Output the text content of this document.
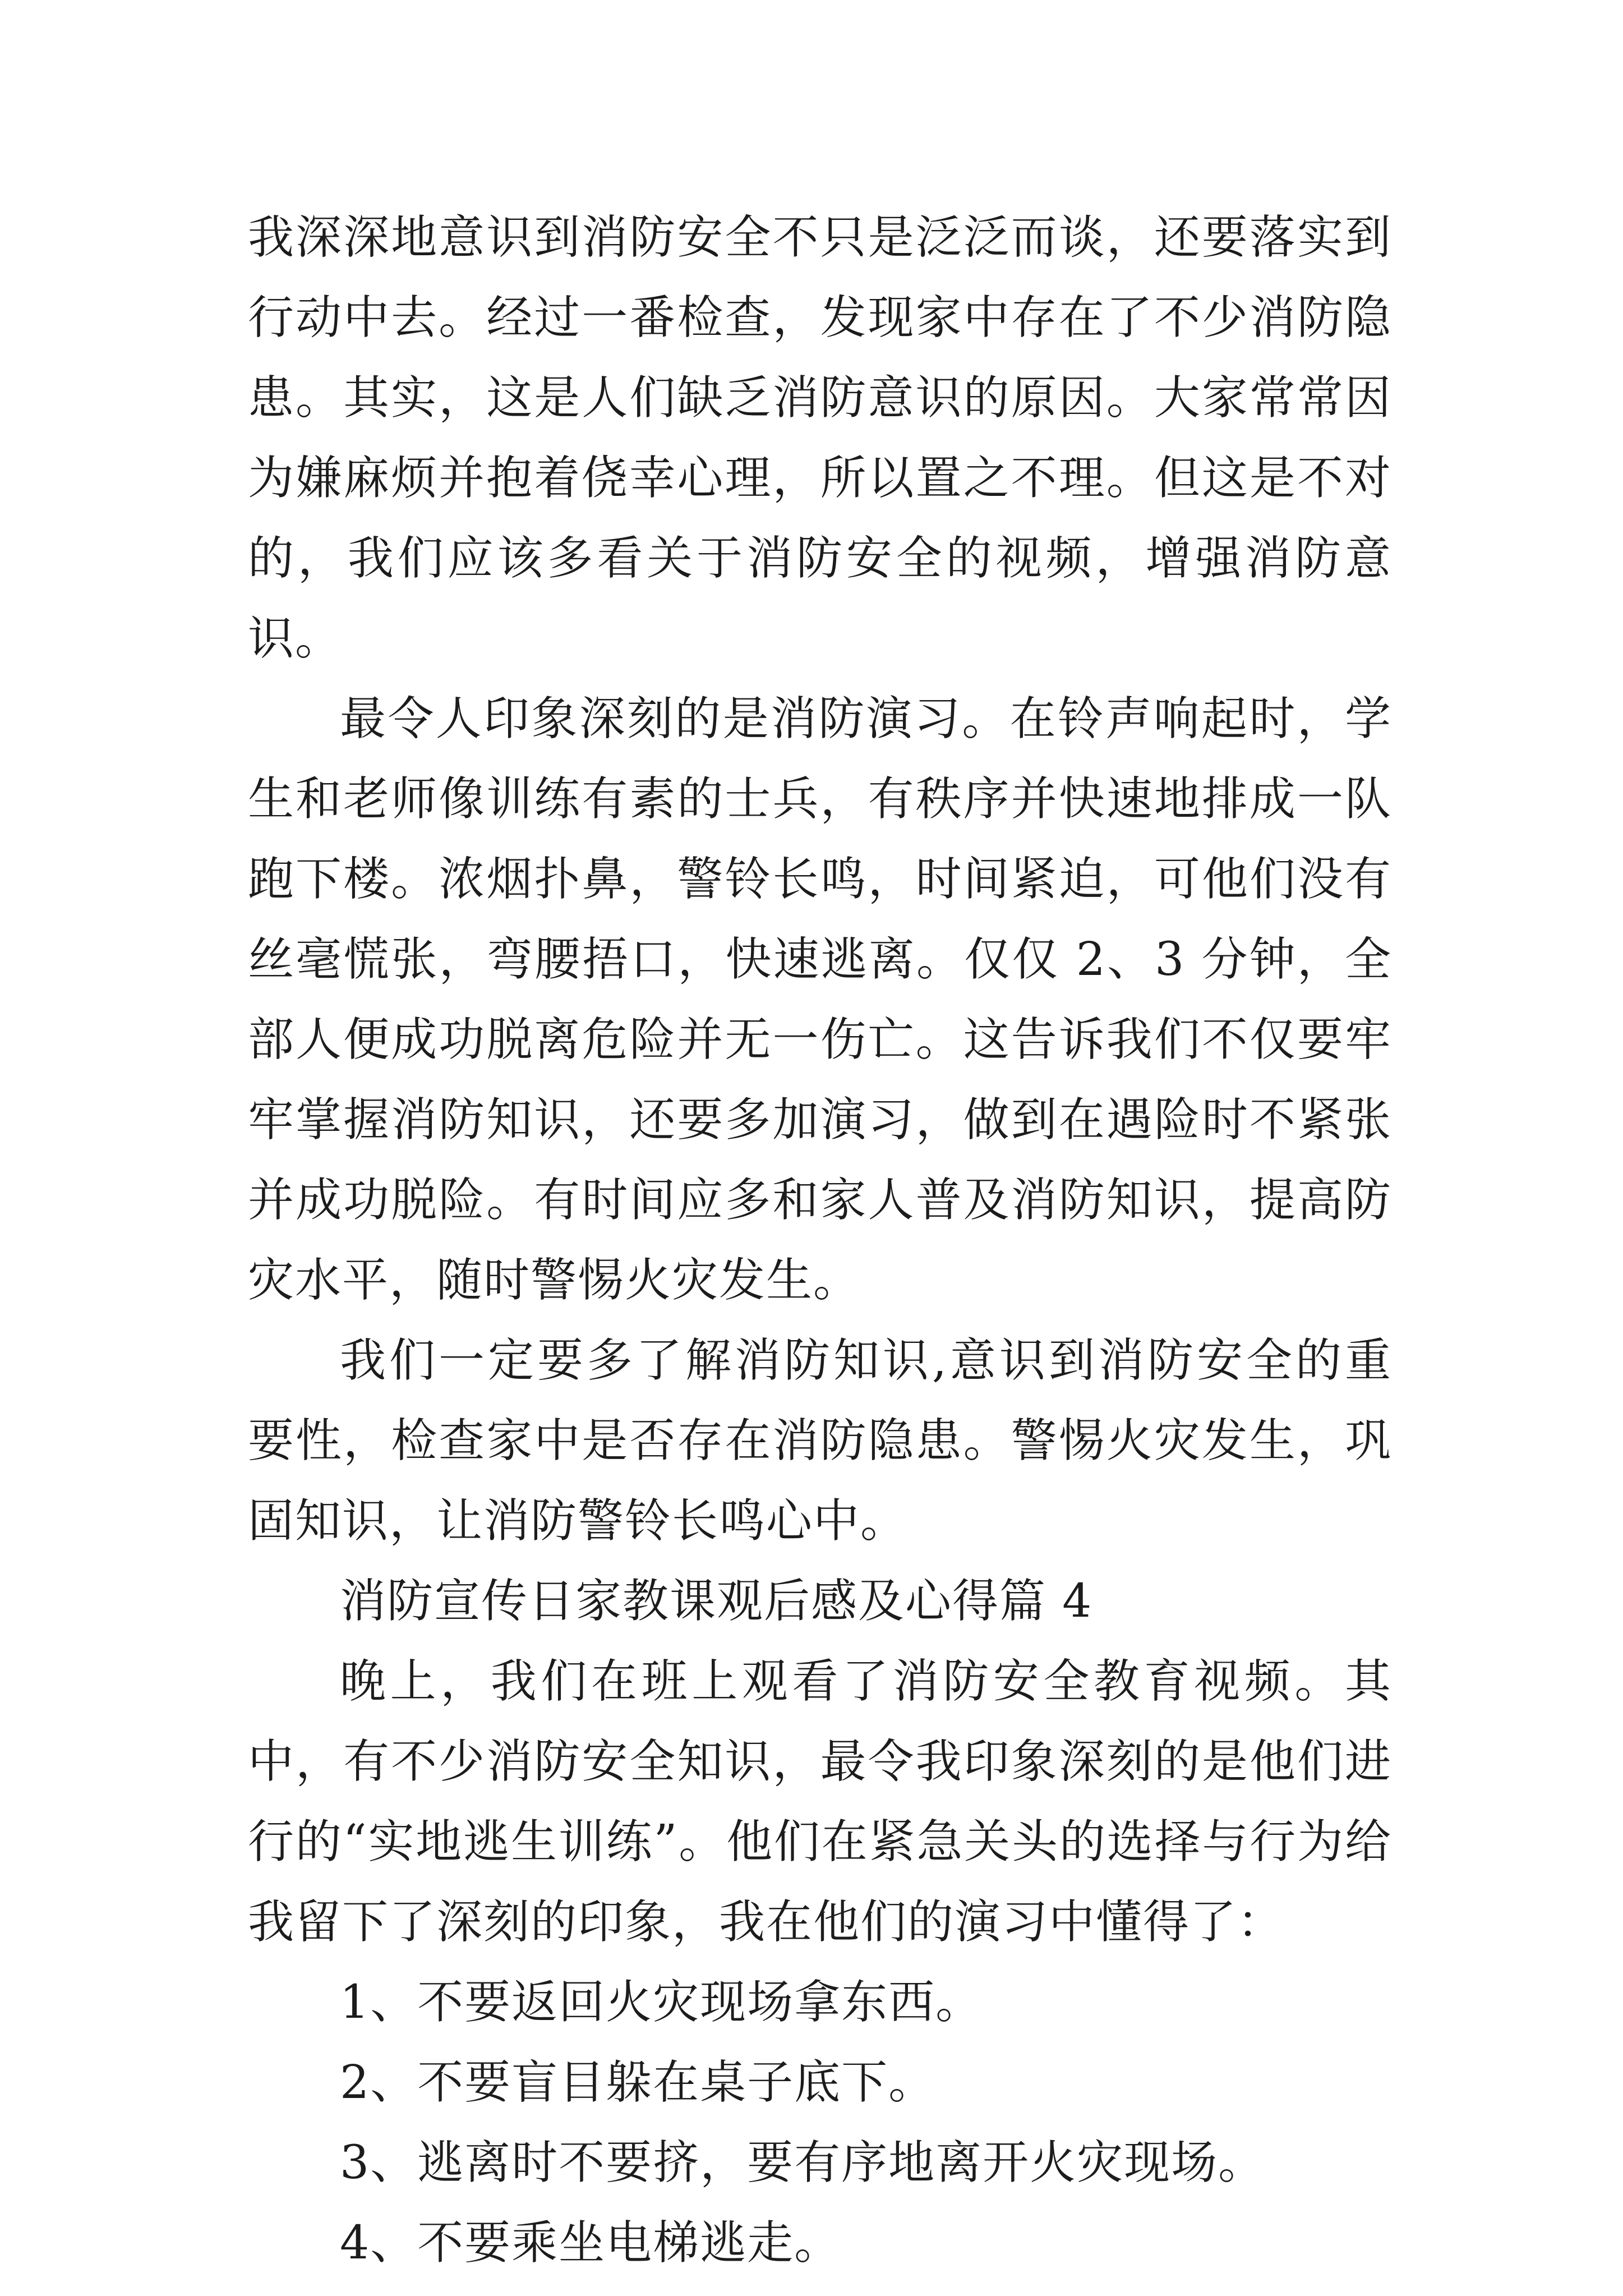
我深深地意识到消防安全不只是泛泛而谈，还要落实到行动中去。经过一番检查，发现家中存在了不少消防隐患。其实，这是人们缺乏消防意识的原因。大家常常因为嫌麻烦并抱着侥幸心理，所以置之不理。但这是不对的，我们应该多看关于消防安全的视频，增强消防意识。

最令人印象深刻的是消防演习。在铃声响起时，学生和老师像训练有素的士兵，有秩序并快速地排成一队跑下楼。浓烟扑鼻，警铃长鸣，时间紧迫，可他们没有丝毫慌张，弯腰捂口，快速逃离。仅仅 2、3 分钟，全部人便成功脱离危险并无一伤亡。这告诉我们不仅要牢牢掌握消防知识，还要多加演习，做到在遇险时不紧张并成功脱险。有时间应多和家人普及消防知识，提高防灾水平，随时警惕火灾发生。

我们一定要多了解消防知识,意识到消防安全的重要性，检查家中是否存在消防隐患。警惕火灾发生，巩固知识，让消防警铃长鸣心中。

消防宣传日家教课观后感及心得篇 4

晚上，我们在班上观看了消防安全教育视频。其中，有不少消防安全知识，最令我印象深刻的是他们进行的“实地逃生训练”。他们在紧急关头的选择与行为给我留下了深刻的印象，我在他们的演习中懂得了：

1、不要返回火灾现场拿东西。

2、不要盲目躲在桌子底下。

3、逃离时不要挤，要有序地离开火灾现场。

4、不要乘坐电梯逃走。
